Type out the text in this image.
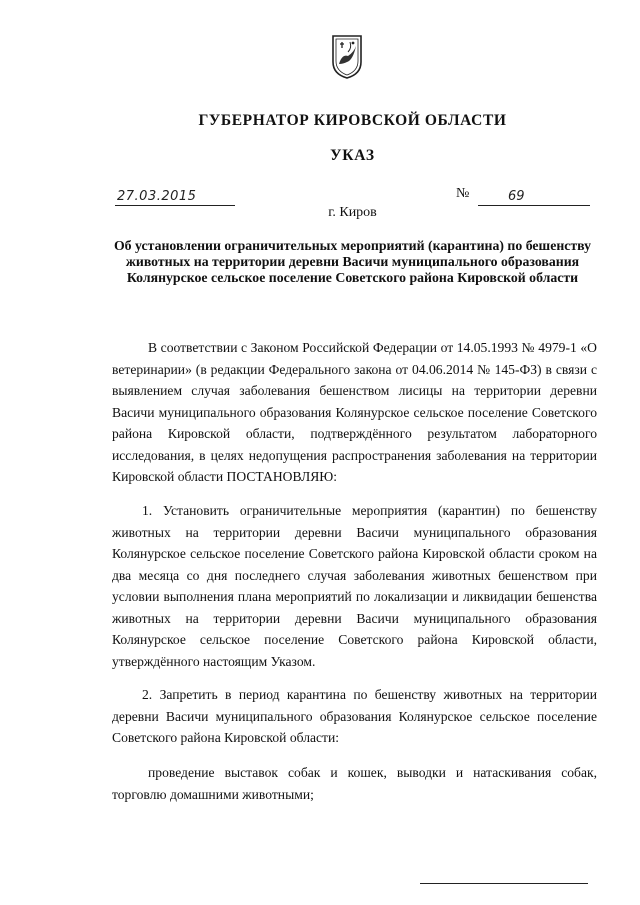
ГУБЕРНАТОР КИРОВСКОЙ ОБЛАСТИ
УКАЗ
27.03.2015	№	69
г. Киров
Об установлении ограничительных мероприятий (карантина) по бешенству животных на территории деревни Васичи муниципального образования Колянурское сельское поселение Советского района Кировской области

В соответствии с Законом Российской Федерации от 14.05.1993 № 4979-1 «О ветеринарии» (в редакции Федерального закона от 04.06.2014 № 145-ФЗ) в связи с выявлением случая заболевания бешенством лисицы на территории деревни Васичи муниципального образования Колянурское сельское поселение Советского района Кировской области, подтверждённого результатом лабораторного исследования, в целях недопущения распространения заболевания на территории Кировской области ПОСТАНОВЛЯЮ:

1. Установить ограничительные мероприятия (карантин) по бешенству животных на территории деревни Васичи муниципального образования Колянурское сельское поселение Советского района Кировской области сроком на два месяца со дня последнего случая заболевания животных бешенством при условии выполнения плана мероприятий по локализации и ликвидации бешенства животных на территории деревни Васичи муниципального образования Колянурское сельское поселение Советского района Кировской области, утверждённого настоящим Указом.

2. Запретить в период карантина по бешенству животных на территории деревни Васичи муниципального образования Колянурское сельское поселение Советского района Кировской области:

проведение выставок собак и кошек, выводки и натаскивания собак, торговлю домашними животными;
